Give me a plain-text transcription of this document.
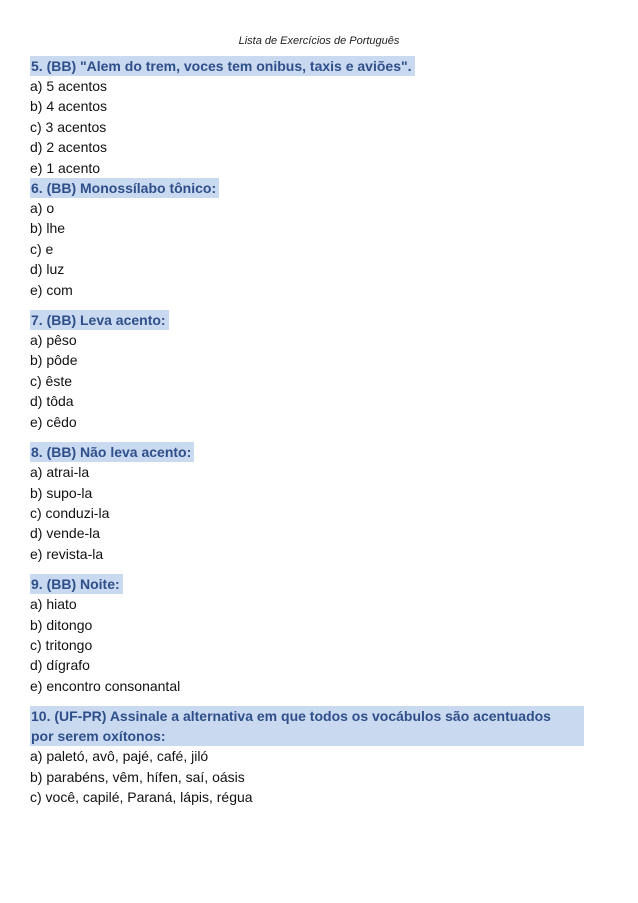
Lista de Exercícios de Português
5. (BB) "Alem do trem, voces tem onibus, taxis e aviões".
a) 5 acentos
b) 4 acentos
c) 3 acentos
d) 2 acentos
e) 1 acento
6. (BB) Monossílabo tônico:
a) o
b) lhe
c) e
d) luz
e) com
7. (BB) Leva acento:
a) pêso
b) pôde
c) êste
d) tôda
e) cêdo
8. (BB) Não leva acento:
a) atrai-la
b) supo-la
c) conduzi-la
d) vende-la
e) revista-la
9. (BB) Noite:
a) hiato
b) ditongo
c) tritongo
d) dígrafo
e) encontro consonantal
10. (UF-PR) Assinale a alternativa em que todos os vocábulos são acentuados por serem oxítonos:
a) paletó, avô, pajé, café, jiló
b) parabéns, vêm, hífen, saí, oásis
c) você, capilé, Paraná, lápis, régua
